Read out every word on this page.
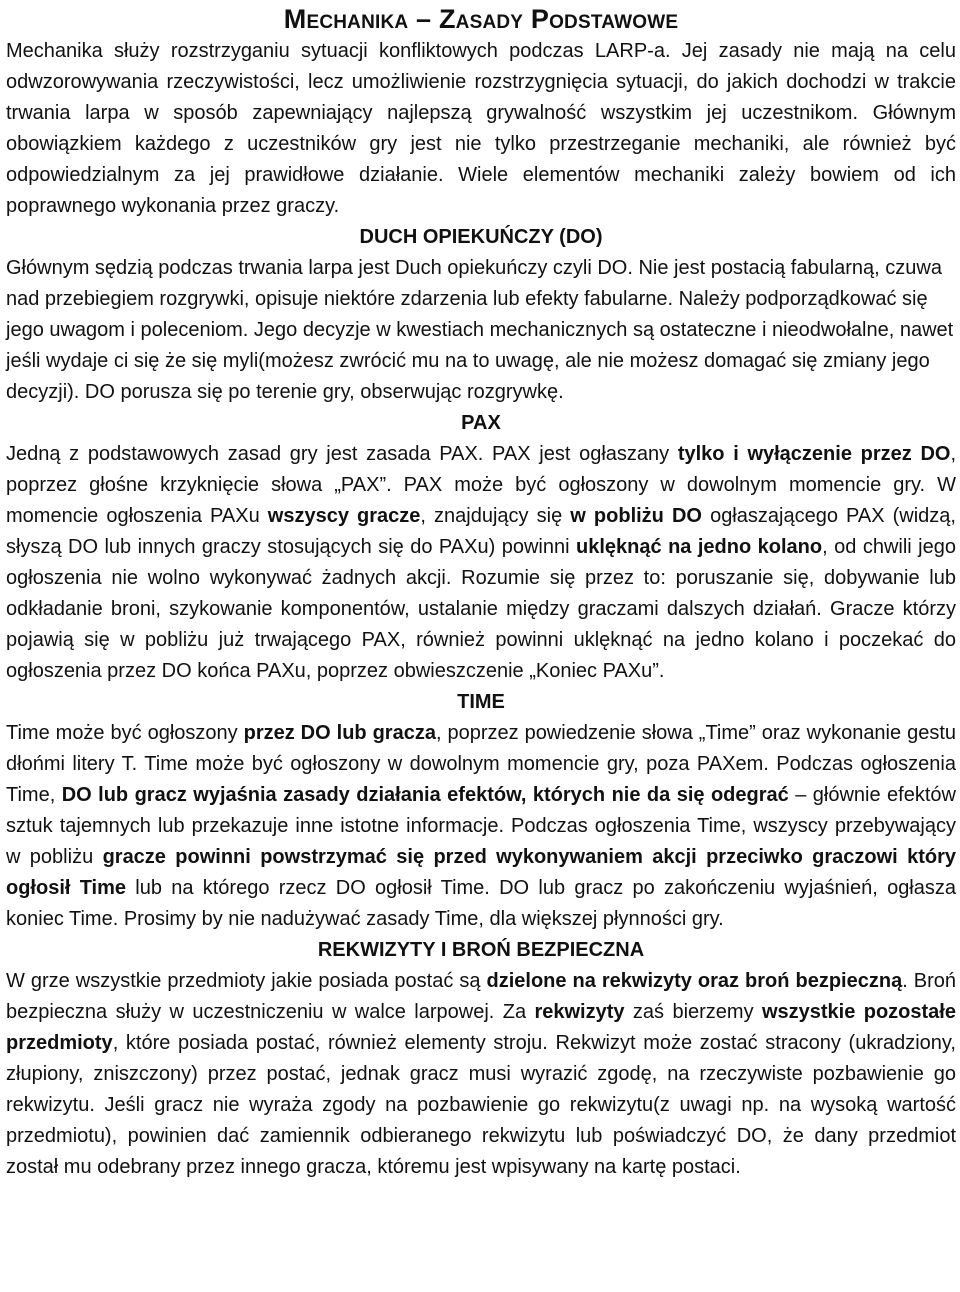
Mechanika – Zasady Podstawowe

Mechanika służy rozstrzyganiu sytuacji konfliktowych podczas LARP-a. Jej zasady nie mają na celu odwzorowywania rzeczywistości, lecz umożliwienie rozstrzygnięcia sytuacji, do jakich dochodzi w trakcie trwania larpa w sposób zapewniający najlepszą grywalność wszystkim jej uczestnikom. Głównym obowiązkiem każdego z uczestników gry jest nie tylko przestrzeganie mechaniki, ale również być odpowiedzialnym za jej prawidłowe działanie. Wiele elementów mechaniki zależy bowiem od ich poprawnego wykonania przez graczy.

DUCH OPIEKUŃCZY (DO)

Głównym sędzią podczas trwania larpa jest Duch opiekuńczy czyli DO. Nie jest postacią fabularną, czuwa nad przebiegiem rozgrywki, opisuje niektóre zdarzenia lub efekty fabularne. Należy podporządkować się jego uwagom i poleceniom. Jego decyzje w kwestiach mechanicznych są ostateczne i nieodwołalne, nawet jeśli wydaje ci się że się myli(możesz zwrócić mu na to uwagę, ale nie możesz domagać się zmiany jego decyzji). DO porusza się po terenie gry, obserwując rozgrywkę.

PAX

Jedną z podstawowych zasad gry jest zasada PAX. PAX jest ogłaszany tylko i wyłączenie przez DO, poprzez głośne krzyknięcie słowa „PAX”. PAX może być ogłoszony w dowolnym momencie gry. W momencie ogłoszenia PAXu wszyscy gracze, znajdujący się w pobliżu DO ogłaszającego PAX (widzą, słyszą DO lub innych graczy stosujących się do PAXu) powinni uklęknąć na jedno kolano, od chwili jego ogłoszenia nie wolno wykonywać żadnych akcji. Rozumie się przez to: poruszanie się, dobywanie lub odkładanie broni, szykowanie komponentów, ustalanie między graczami dalszych działań. Gracze którzy pojawią się w pobliżu już trwającego PAX, również powinni uklęknąć na jedno kolano i poczekać do ogłoszenia przez DO końca PAXu, poprzez obwieszczenie „Koniec PAXu”.

TIME

Time może być ogłoszony przez DO lub gracza, poprzez powiedzenie słowa „Time” oraz wykonanie gestu dłońmi litery T. Time może być ogłoszony w dowolnym momencie gry, poza PAXem. Podczas ogłoszenia Time, DO lub gracz wyjaśnia zasady działania efektów, których nie da się odegrać – głównie efektów sztuk tajemnych lub przekazuje inne istotne informacje. Podczas ogłoszenia Time, wszyscy przebywający w pobliżu gracze powinni powstrzymać się przed wykonywaniem akcji przeciwko graczowi który ogłosił Time lub na którego rzecz DO ogłosił Time. DO lub gracz po zakończeniu wyjaśnień, ogłasza koniec Time. Prosimy by nie nadużywać zasady Time, dla większej płynności gry.

REKWIZYTY I BROŃ BEZPIECZNA

W grze wszystkie przedmioty jakie posiada postać są dzielone na rekwizyty oraz broń bezpieczną. Broń bezpieczna służy w uczestniczeniu w walce larpowej. Za rekwizyty zaś bierzemy wszystkie pozostałe przedmioty, które posiada postać, również elementy stroju. Rekwizyt może zostać stracony (ukradziony, złupiony, zniszczony) przez postać, jednak gracz musi wyrazić zgodę, na rzeczywiste pozbawienie go rekwizytu. Jeśli gracz nie wyraża zgody na pozbawienie go rekwizytu(z uwagi np. na wysoką wartość przedmiotu), powinien dać zamiennik odbieranego rekwizytu lub poświadczyć DO, że dany przedmiot został mu odebrany przez innego gracza, któremu jest wpisywany na kartę postaci.
